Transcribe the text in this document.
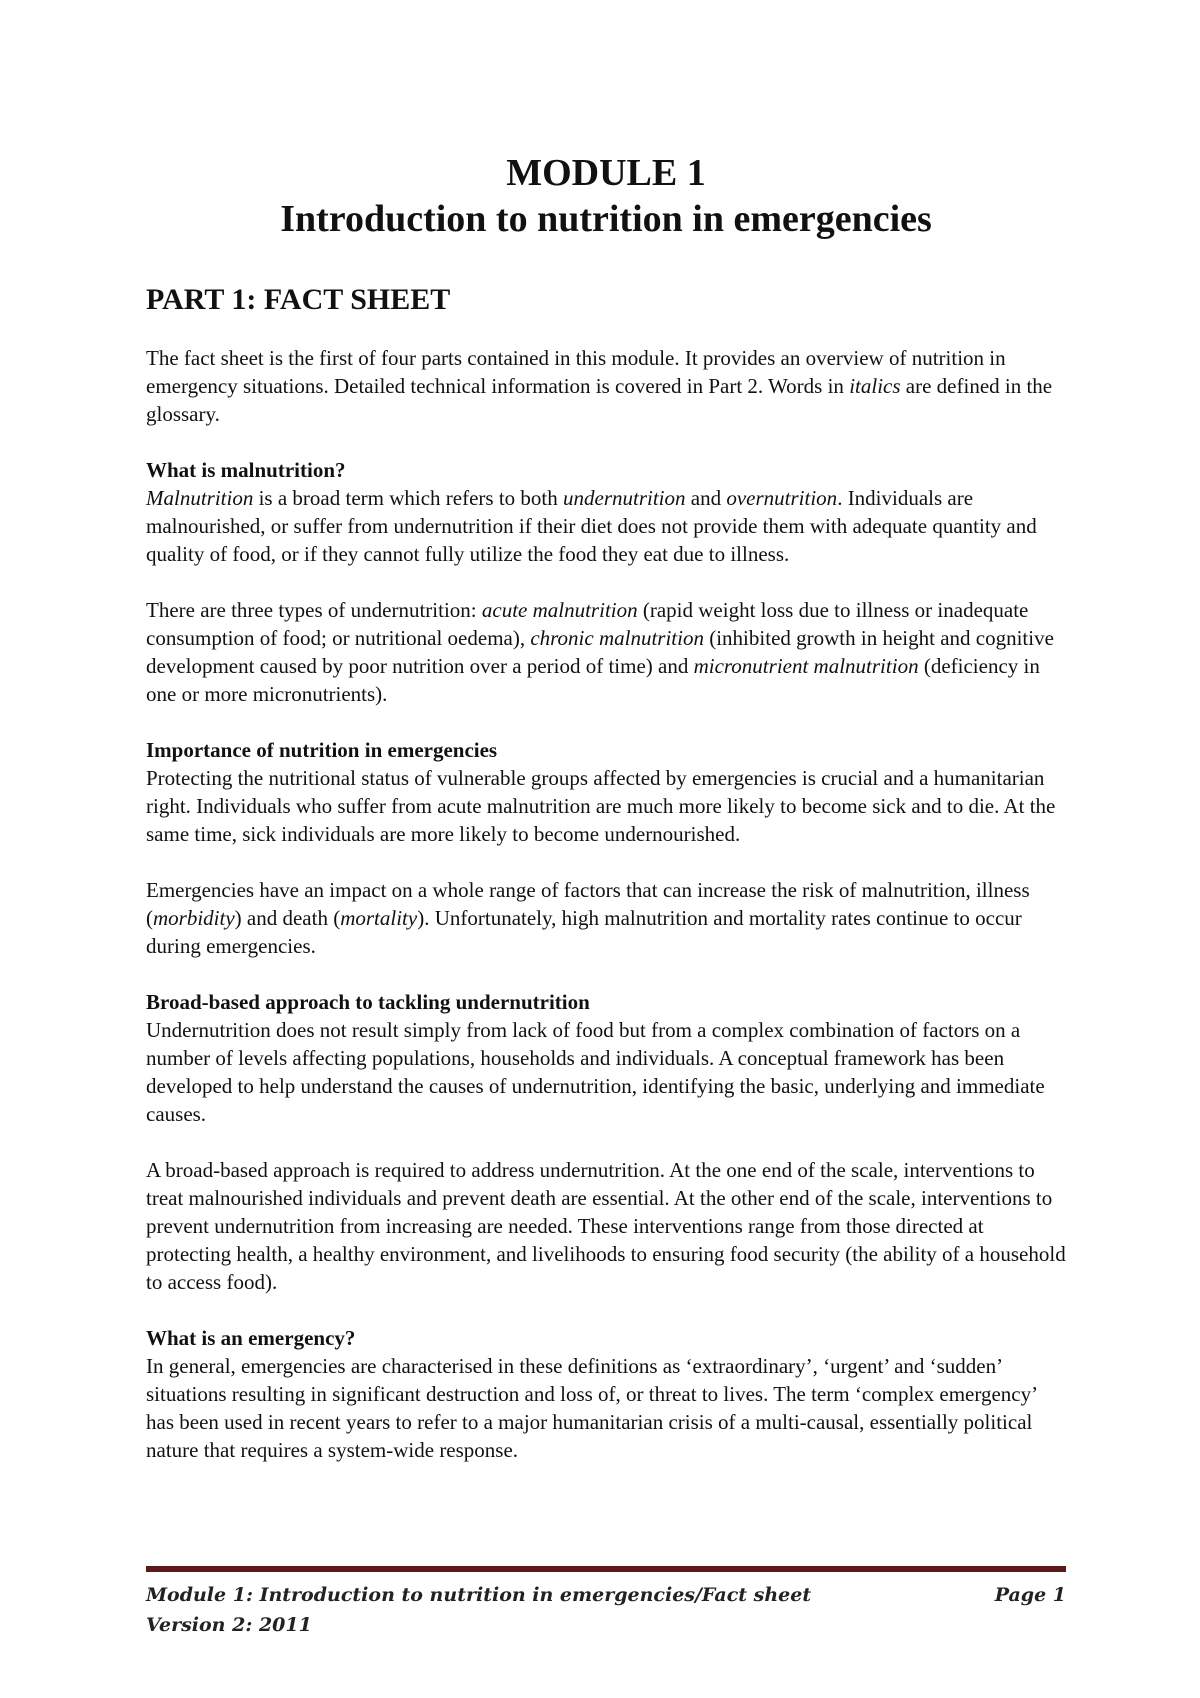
MODULE 1
Introduction to nutrition in emergencies
PART 1: FACT SHEET

The fact sheet is the first of four parts contained in this module. It provides an overview of nutrition in emergency situations. Detailed technical information is covered in Part 2. Words in italics are defined in the glossary.

What is malnutrition?
Malnutrition is a broad term which refers to both undernutrition and overnutrition. Individuals are malnourished, or suffer from undernutrition if their diet does not provide them with adequate quantity and quality of food, or if they cannot fully utilize the food they eat due to illness.

There are three types of undernutrition: acute malnutrition (rapid weight loss due to illness or inadequate consumption of food; or nutritional oedema), chronic malnutrition (inhibited growth in height and cognitive development caused by poor nutrition over a period of time) and micronutrient malnutrition (deficiency in one or more micronutrients).

Importance of nutrition in emergencies
Protecting the nutritional status of vulnerable groups affected by emergencies is crucial and a humanitarian right. Individuals who suffer from acute malnutrition are much more likely to become sick and to die. At the same time, sick individuals are more likely to become undernourished.

Emergencies have an impact on a whole range of factors that can increase the risk of malnutrition, illness (morbidity) and death (mortality). Unfortunately, high malnutrition and mortality rates continue to occur during emergencies.

Broad-based approach to tackling undernutrition
Undernutrition does not result simply from lack of food but from a complex combination of factors on a number of levels affecting populations, households and individuals. A conceptual framework has been developed to help understand the causes of undernutrition, identifying the basic, underlying and immediate causes.

A broad-based approach is required to address undernutrition. At the one end of the scale, interventions to treat malnourished individuals and prevent death are essential. At the other end of the scale, interventions to prevent undernutrition from increasing are needed. These interventions range from those directed at protecting health, a healthy environment, and livelihoods to ensuring food security (the ability of a household to access food).

What is an emergency?
In general, emergencies are characterised in these definitions as ‘extraordinary’, ‘urgent’ and ‘sudden’ situations resulting in significant destruction and loss of, or threat to lives. The term ‘complex emergency’ has been used in recent years to refer to a major humanitarian crisis of a multi-causal, essentially political nature that requires a system-wide response.

Module 1: Introduction to nutrition in emergencies/Fact sheet	Page 1
Version 2: 2011
